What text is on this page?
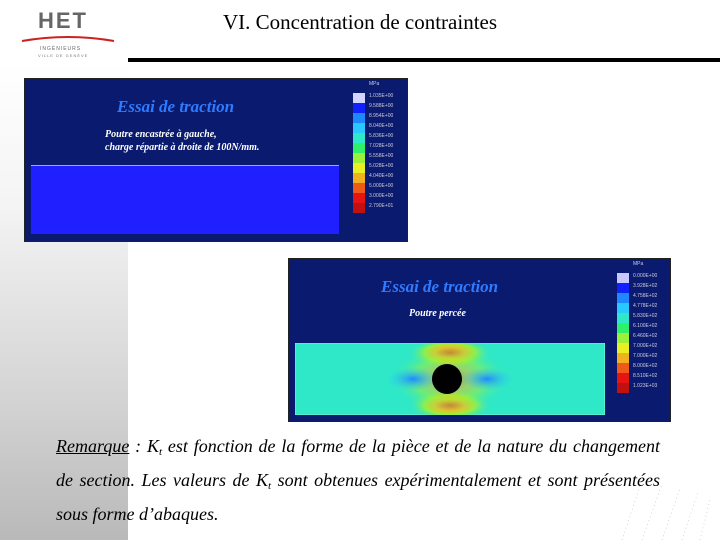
HET
INGÉNIEURS
VILLE DE GENÈVE
VI. Concentration de contraintes
Essai de traction
Poutre encastrée à gauche,
charge répartie à droite de 100N/mm.
MPa
1.035E+00
9.588E+00
8.954E+00
8.040E+00
5.836E+00
7.028E+00
5.558E+00
5.028E+00
4.040E+00
5.000E+00
3.000E+00
2.790E+01
Essai de traction
Poutre percée
MPa
0.000E+00
3.928E+02
4.758E+02
4.778E+02
5.830E+02
6.100E+02
6.460E+02
7.000E+02
7.000E+02
8.000E+02
8.510E+02
1.023E+03
Remarque : $K_t$ est fonction de la forme de la pièce et de la nature du changement de section. Les valeurs de $K_t$ sont obtenues expérimentalement et sont présentées sous forme d’abaques.
